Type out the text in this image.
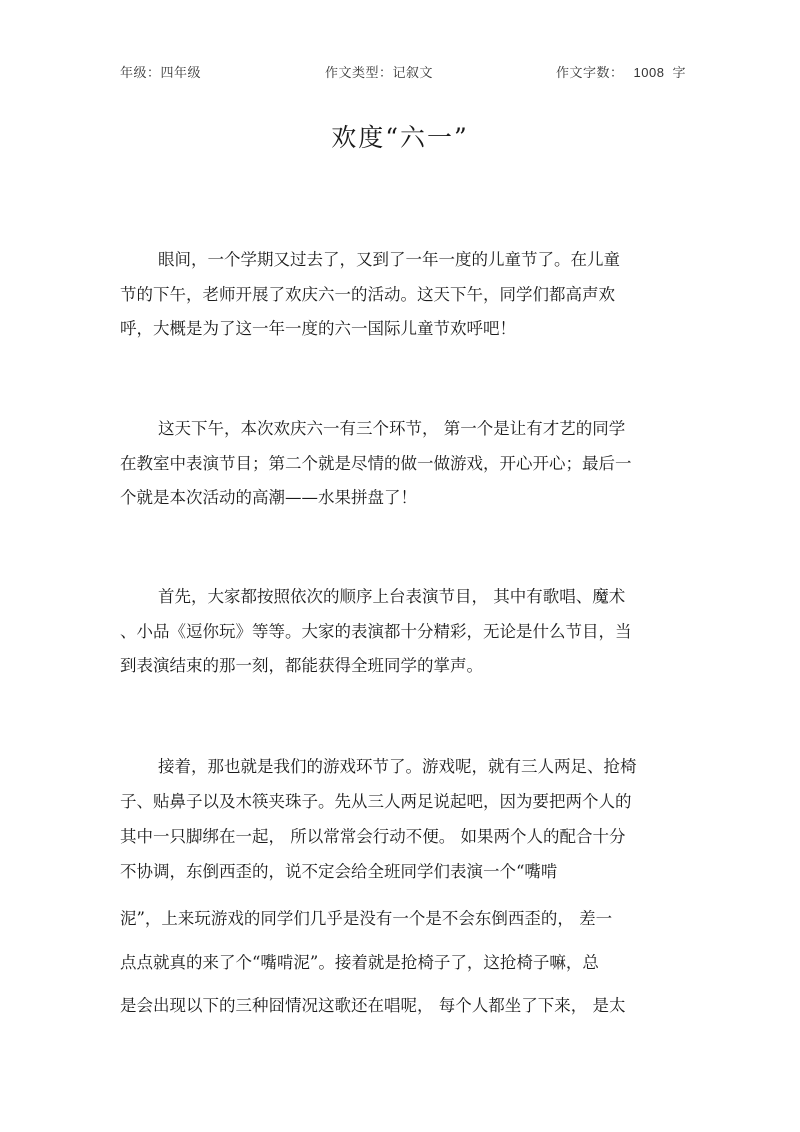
年级：四年级	作文类型：记叙文	作文字数： 1008 字
欢度“六一”
眼间，一个学期又过去了，又到了一年一度的儿童节了。在儿童
节的下午，老师开展了欢庆六一的活动。这天下午，同学们都高声欢
呼，大概是为了这一年一度的六一国际儿童节欢呼吧！
这天下午，本次欢庆六一有三个环节， 第一个是让有才艺的同学
在教室中表演节目；第二个就是尽情的做一做游戏，开心开心；最后一
个就是本次活动的高潮——水果拼盘了！
首先，大家都按照依次的顺序上台表演节目， 其中有歌唱、魔术
、小品《逗你玩》等等。大家的表演都十分精彩，无论是什么节目，当
到表演结束的那一刻，都能获得全班同学的掌声。
接着，那也就是我们的游戏环节了。游戏呢，就有三人两足、抢椅
子、贴鼻子以及木筷夹珠子。先从三人两足说起吧，因为要把两个人的
其中一只脚绑在一起， 所以常常会行动不便。 如果两个人的配合十分
不协调，东倒西歪的，说不定会给全班同学们表演一个“嘴啃
泥”，上来玩游戏的同学们几乎是没有一个是不会东倒西歪的， 差一
点点就真的来了个“嘴啃泥”。接着就是抢椅子了，这抢椅子嘛，总
是会出现以下的三种囧情况这歌还在唱呢， 每个人都坐了下来， 是太
